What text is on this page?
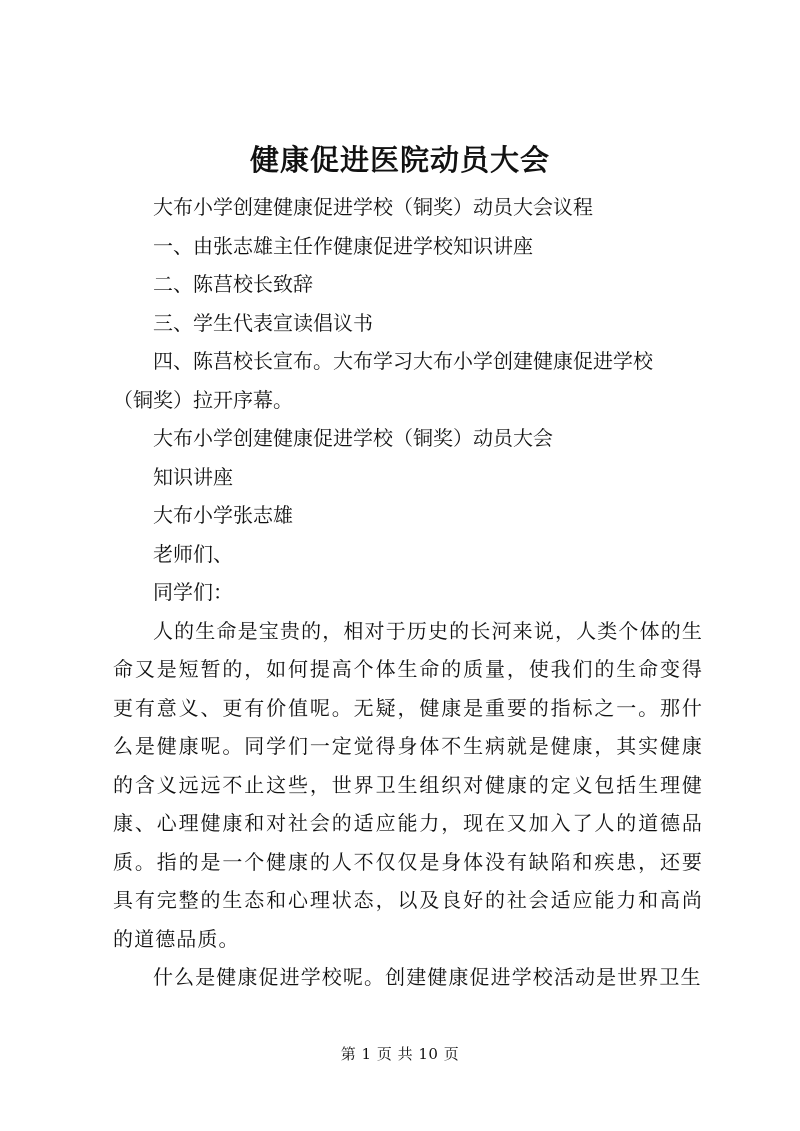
健康促进医院动员大会
大布小学创建健康促进学校（铜奖）动员大会议程
一、由张志雄主任作健康促进学校知识讲座
二、陈莒校长致辞
三、学生代表宣读倡议书
四、陈莒校长宣布。大布学习大布小学创建健康促进学校
（铜奖）拉开序幕。
大布小学创建健康促进学校（铜奖）动员大会
知识讲座
大布小学张志雄
老师们、
同学们：
人的生命是宝贵的，相对于历史的长河来说，人类个体的生命又是短暂的，如何提高个体生命的质量，使我们的生命变得更有意义、更有价值呢。无疑，健康是重要的指标之一。那什么是健康呢。同学们一定觉得身体不生病就是健康，其实健康的含义远远不止这些，世界卫生组织对健康的定义包括生理健康、心理健康和对社会的适应能力，现在又加入了人的道德品质。指的是一个健康的人不仅仅是身体没有缺陷和疾患，还要具有完整的生态和心理状态，以及良好的社会适应能力和高尚的道德品质。
什么是健康促进学校呢。创建健康促进学校活动是世界卫生
第 1 页 共 10 页
